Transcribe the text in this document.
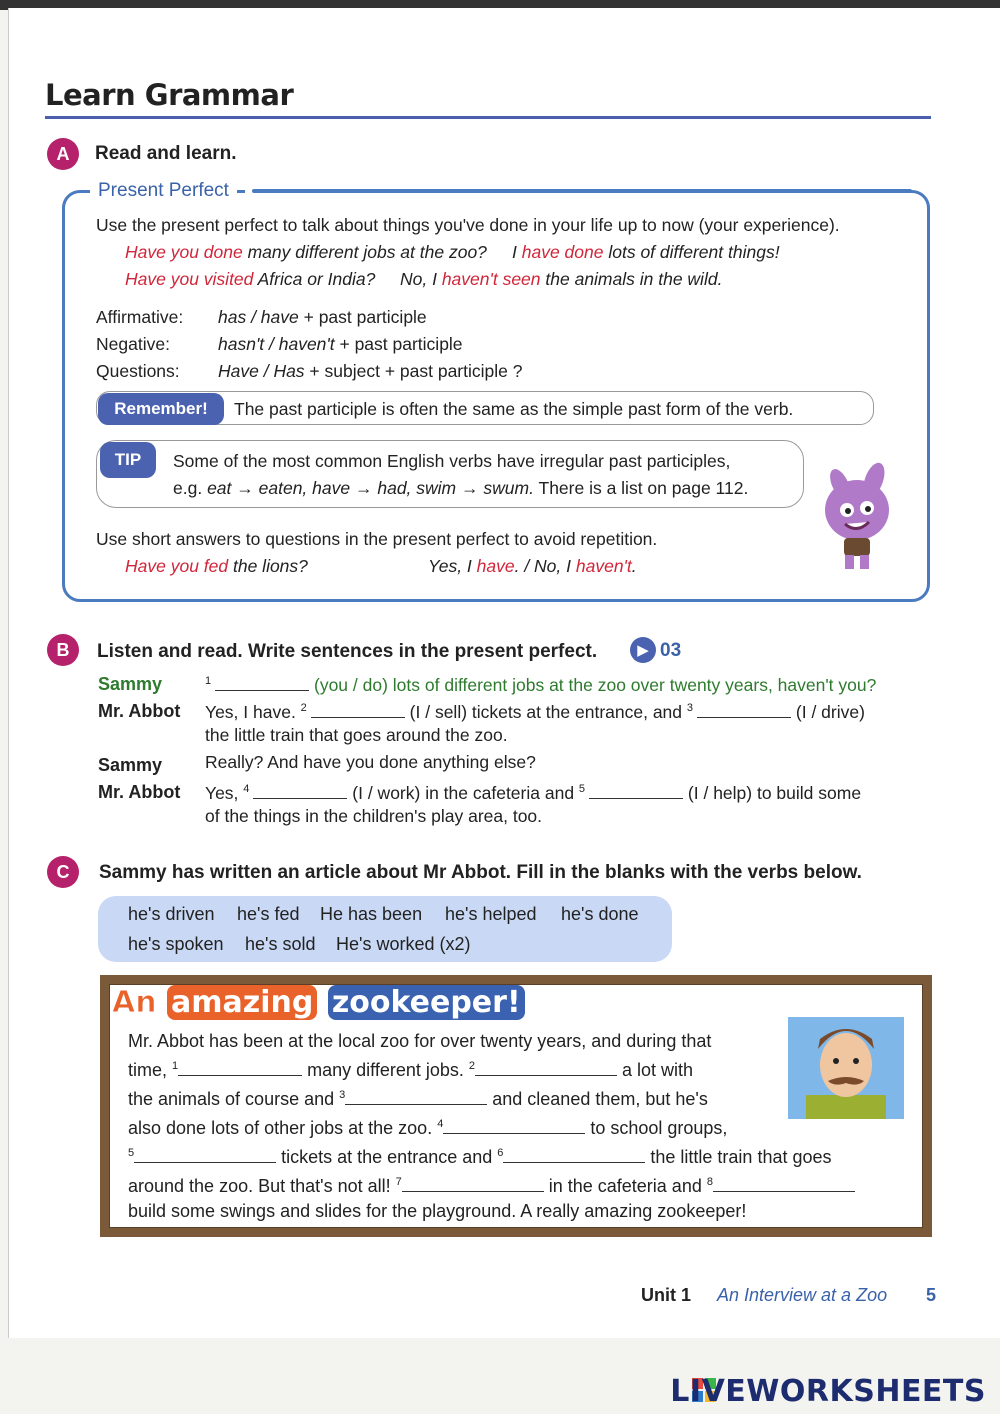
Learn Grammar
A	Read and learn.
Present Perfect
Use the present perfect to talk about things you've done in your life up to now (your experience).
Have you done many different jobs at the zoo? I have done lots of different things!
Have you visited Africa or India? No, I haven't seen the animals in the wild.
Affirmative: has / have + past participle
Negative:	hasn't / haven't + past participle
Questions: Have / Has + subject + past participle ?
Remember!	The past participle is often the same as the simple past form of the verb.
TIP	Some of the most common English verbs have irregular past participles,
e.g. eat → eaten, have → had, swim → swum. There is a list on page 112.
Use short answers to questions in the present perfect to avoid repetition.
Have you fed the lions?	Yes, I have. / No, I haven't.
B	Listen and read. Write sentences in the present perfect.	▶ 03
Sammy	$^1$	(you / do) lots of different jobs at the zoo over twenty years, haven't you?
Mr. Abbot Yes, I have. $^2$	(I / sell) tickets at the entrance, and $^3$	(I / drive)
the little train that goes around the zoo.
Sammy Really? And have you done anything else?
Mr. Abbot Yes, $^4$	(I / work) in the cafeteria and $^5$	(I / help) to build some
of the things in the children's play area, too.
C	Sammy has written an article about Mr Abbot. Fill in the blanks with the verbs below.
he's driven he's fed He has been he's helped he's done
he's spoken he's sold He's worked (x2)
An amazing zookeeper!
Mr. Abbot has been at the local zoo for over twenty years, and during that
time, $^1$	many different jobs. $^2$	a lot with
the animals of course and $^3$	and cleaned them, but he's
also done lots of other jobs at the zoo. $^4$	to school groups,
$^5$	tickets at the entrance and $^6$	the little train that goes
around the zoo. But that's not all! $^7$	in the cafeteria and $^8$
build some swings and slides for the playground. A really amazing zookeeper!
Unit 1 An Interview at a Zoo 5
LIVEWORKSHEETS
